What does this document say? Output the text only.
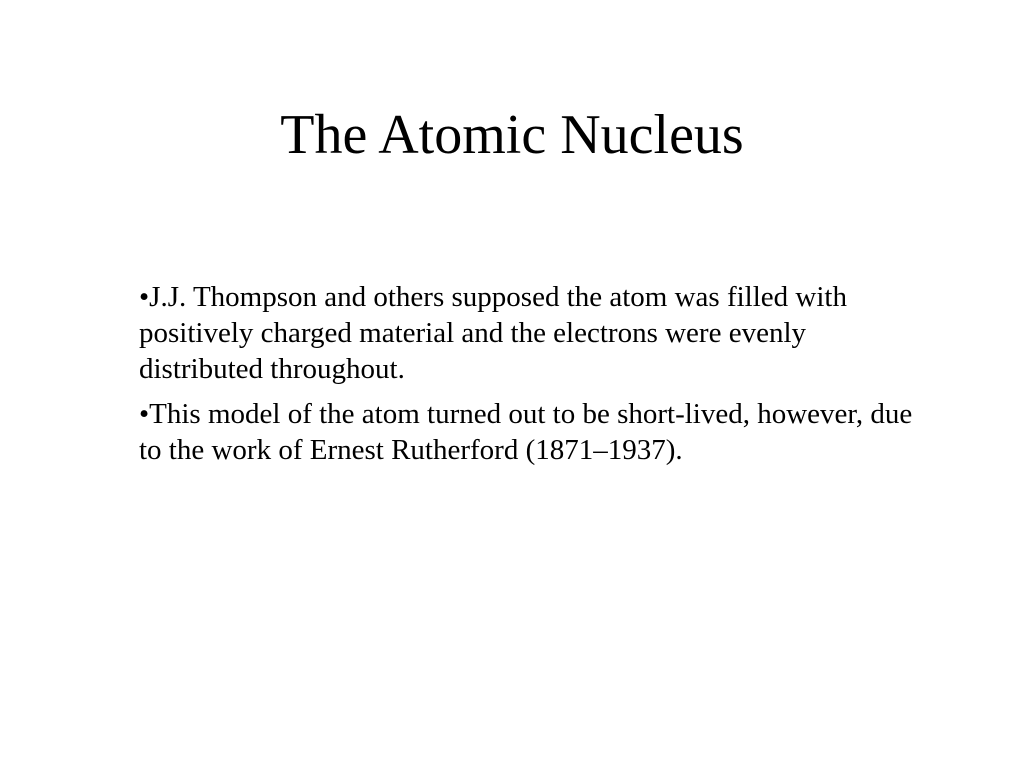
The Atomic Nucleus

•J.J. Thompson and others supposed the atom was filled with positively charged material and the electrons were evenly distributed throughout.

•This model of the atom turned out to be short-lived, however, due to the work of Ernest Rutherford (1871–1937).
